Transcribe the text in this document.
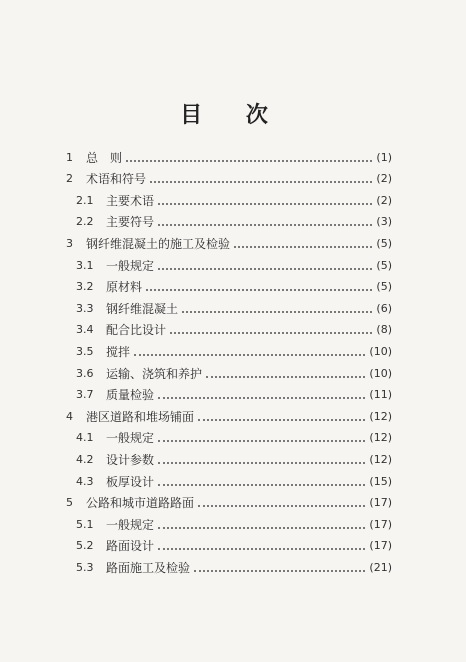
目 次
1	总　则	(1)
2	术语和符号	(2)
2.1	主要术语	(2)
2.2	主要符号	(3)
3	钢纤维混凝土的施工及检验	(5)
3.1	一般规定	(5)
3.2	原材料	(5)
3.3	钢纤维混凝土	(6)
3.4	配合比设计	(8)
3.5	搅拌	(10)
3.6	运输、浇筑和养护	(10)
3.7	质量检验	(11)
4	港区道路和堆场铺面	(12)
4.1	一般规定	(12)
4.2	设计参数	(12)
4.3	板厚设计	(15)
5	公路和城市道路路面	(17)
5.1	一般规定	(17)
5.2	路面设计	(17)
5.3	路面施工及检验	(21)
